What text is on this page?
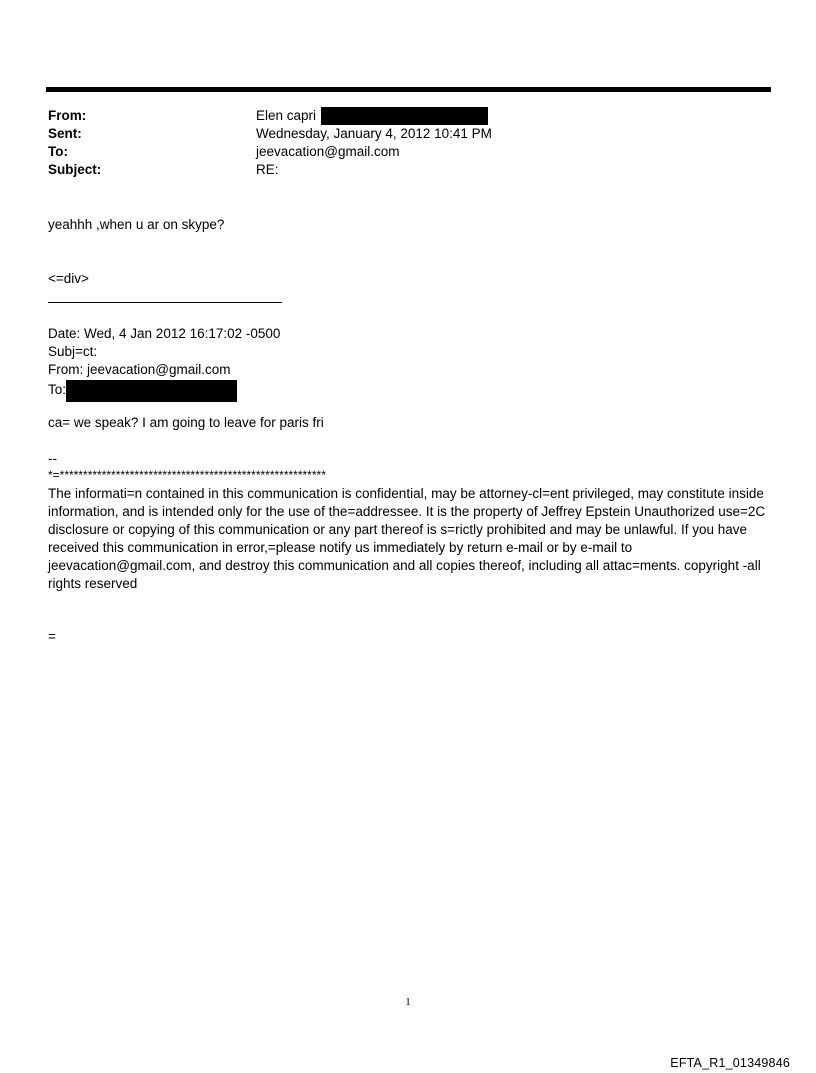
From:	Elen capri
Sent:	Wednesday, January 4, 2012 10:41 PM
To:	jeevacation@gmail.com
Subject:	RE:
yeahhh ,when u ar on skype?
<=div>
Date: Wed, 4 Jan 2012 16:17:02 -0500
Subj=ct:
From: jeevacation@gmail.com
To:
ca= we speak? I am going to leave for paris fri
--
*=*********************************************************
The informati=n contained in this communication is confidential, may be attorney-cl=ent privileged, may constitute inside information, and is intended only for the use of the=addressee. It is the property of Jeffrey Epstein Unauthorized use=2C disclosure or copying of this communication or any part thereof is s=rictly prohibited and may be unlawful. If you have received this communication in error,=please notify us immediately by return e-mail or by e-mail to jeevacation@gmail.com, and destroy this communication and all copies thereof, including all attac=ments. copyright -all rights reserved
=
1
EFTA_R1_01349846
